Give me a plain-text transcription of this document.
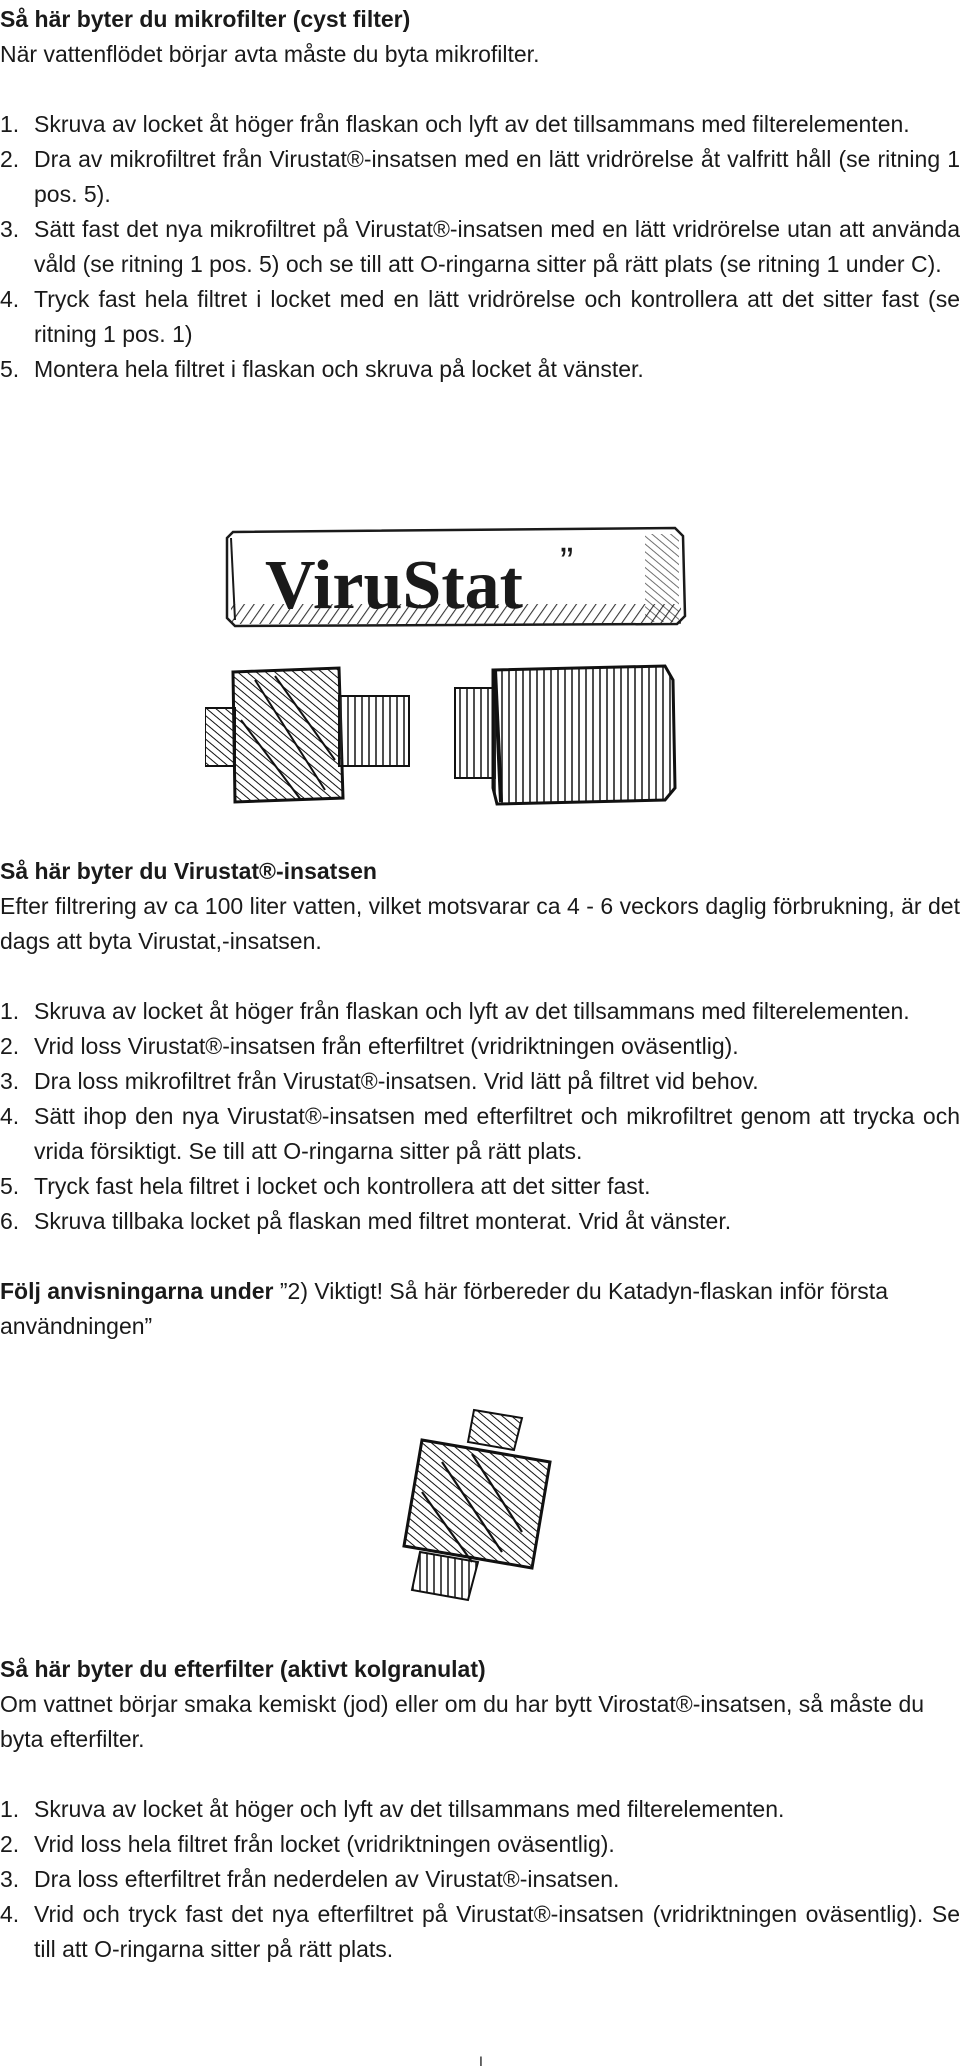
Så här byter du mikrofilter (cyst filter)

När vattenflödet börjar avta måste du byta mikrofilter.

1. Skruva av locket åt höger från flaskan och lyft av det tillsammans med filterelementen.
2. Dra av mikrofiltret från Virustat®-insatsen med en lätt vridrörelse åt valfritt håll (se ritning 1 pos. 5).
3. Sätt fast det nya mikrofiltret på Virustat®-insatsen med en lätt vridrörelse utan att använda våld (se ritning 1 pos. 5) och se till att O-ringarna sitter på rätt plats (se ritning 1 under C).
4. Tryck fast hela filtret i locket med en lätt vridrörelse och kontrollera att det sitter fast (se ritning 1 pos. 1)
5. Montera hela filtret i flaskan och skruva på locket åt vänster.
ViruStat ”
Så här byter du Virustat®-insatsen

Efter filtrering av ca 100 liter vatten, vilket motsvarar ca 4 - 6 veckors daglig förbrukning, är det dags att byta Virustat,-insatsen.

1. Skruva av locket åt höger från flaskan och lyft av det tillsammans med filterelementen.
2. Vrid loss Virustat®-insatsen från efterfiltret (vridriktningen oväsentlig).
3. Dra loss mikrofiltret från Virustat®-insatsen. Vrid lätt på filtret vid behov.
4. Sätt ihop den nya Virustat®-insatsen med efterfiltret och mikrofiltret genom att trycka och vrida försiktigt. Se till att O-ringarna sitter på rätt plats.
5. Tryck fast hela filtret i locket och kontrollera att det sitter fast.
6. Skruva tillbaka locket på flaskan med filtret monterat. Vrid åt vänster.

Följ anvisningarna under ”2) Viktigt! Så här förbereder du Katadyn-flaskan inför första användningen”

Så här byter du efterfilter (aktivt kolgranulat)

Om vattnet börjar smaka kemiskt (jod) eller om du har bytt Virostat®-insatsen, så måste du byta efterfilter.

1. Skruva av locket åt höger och lyft av det tillsammans med filterelementen.
2. Vrid loss hela filtret från locket (vridriktningen oväsentlig).
3. Dra loss efterfiltret från nederdelen av Virustat®-insatsen.
4. Vrid och tryck fast det nya efterfiltret på Virustat®-insatsen (vridriktningen oväsentlig). Se till att O-ringarna sitter på rätt plats.
I
